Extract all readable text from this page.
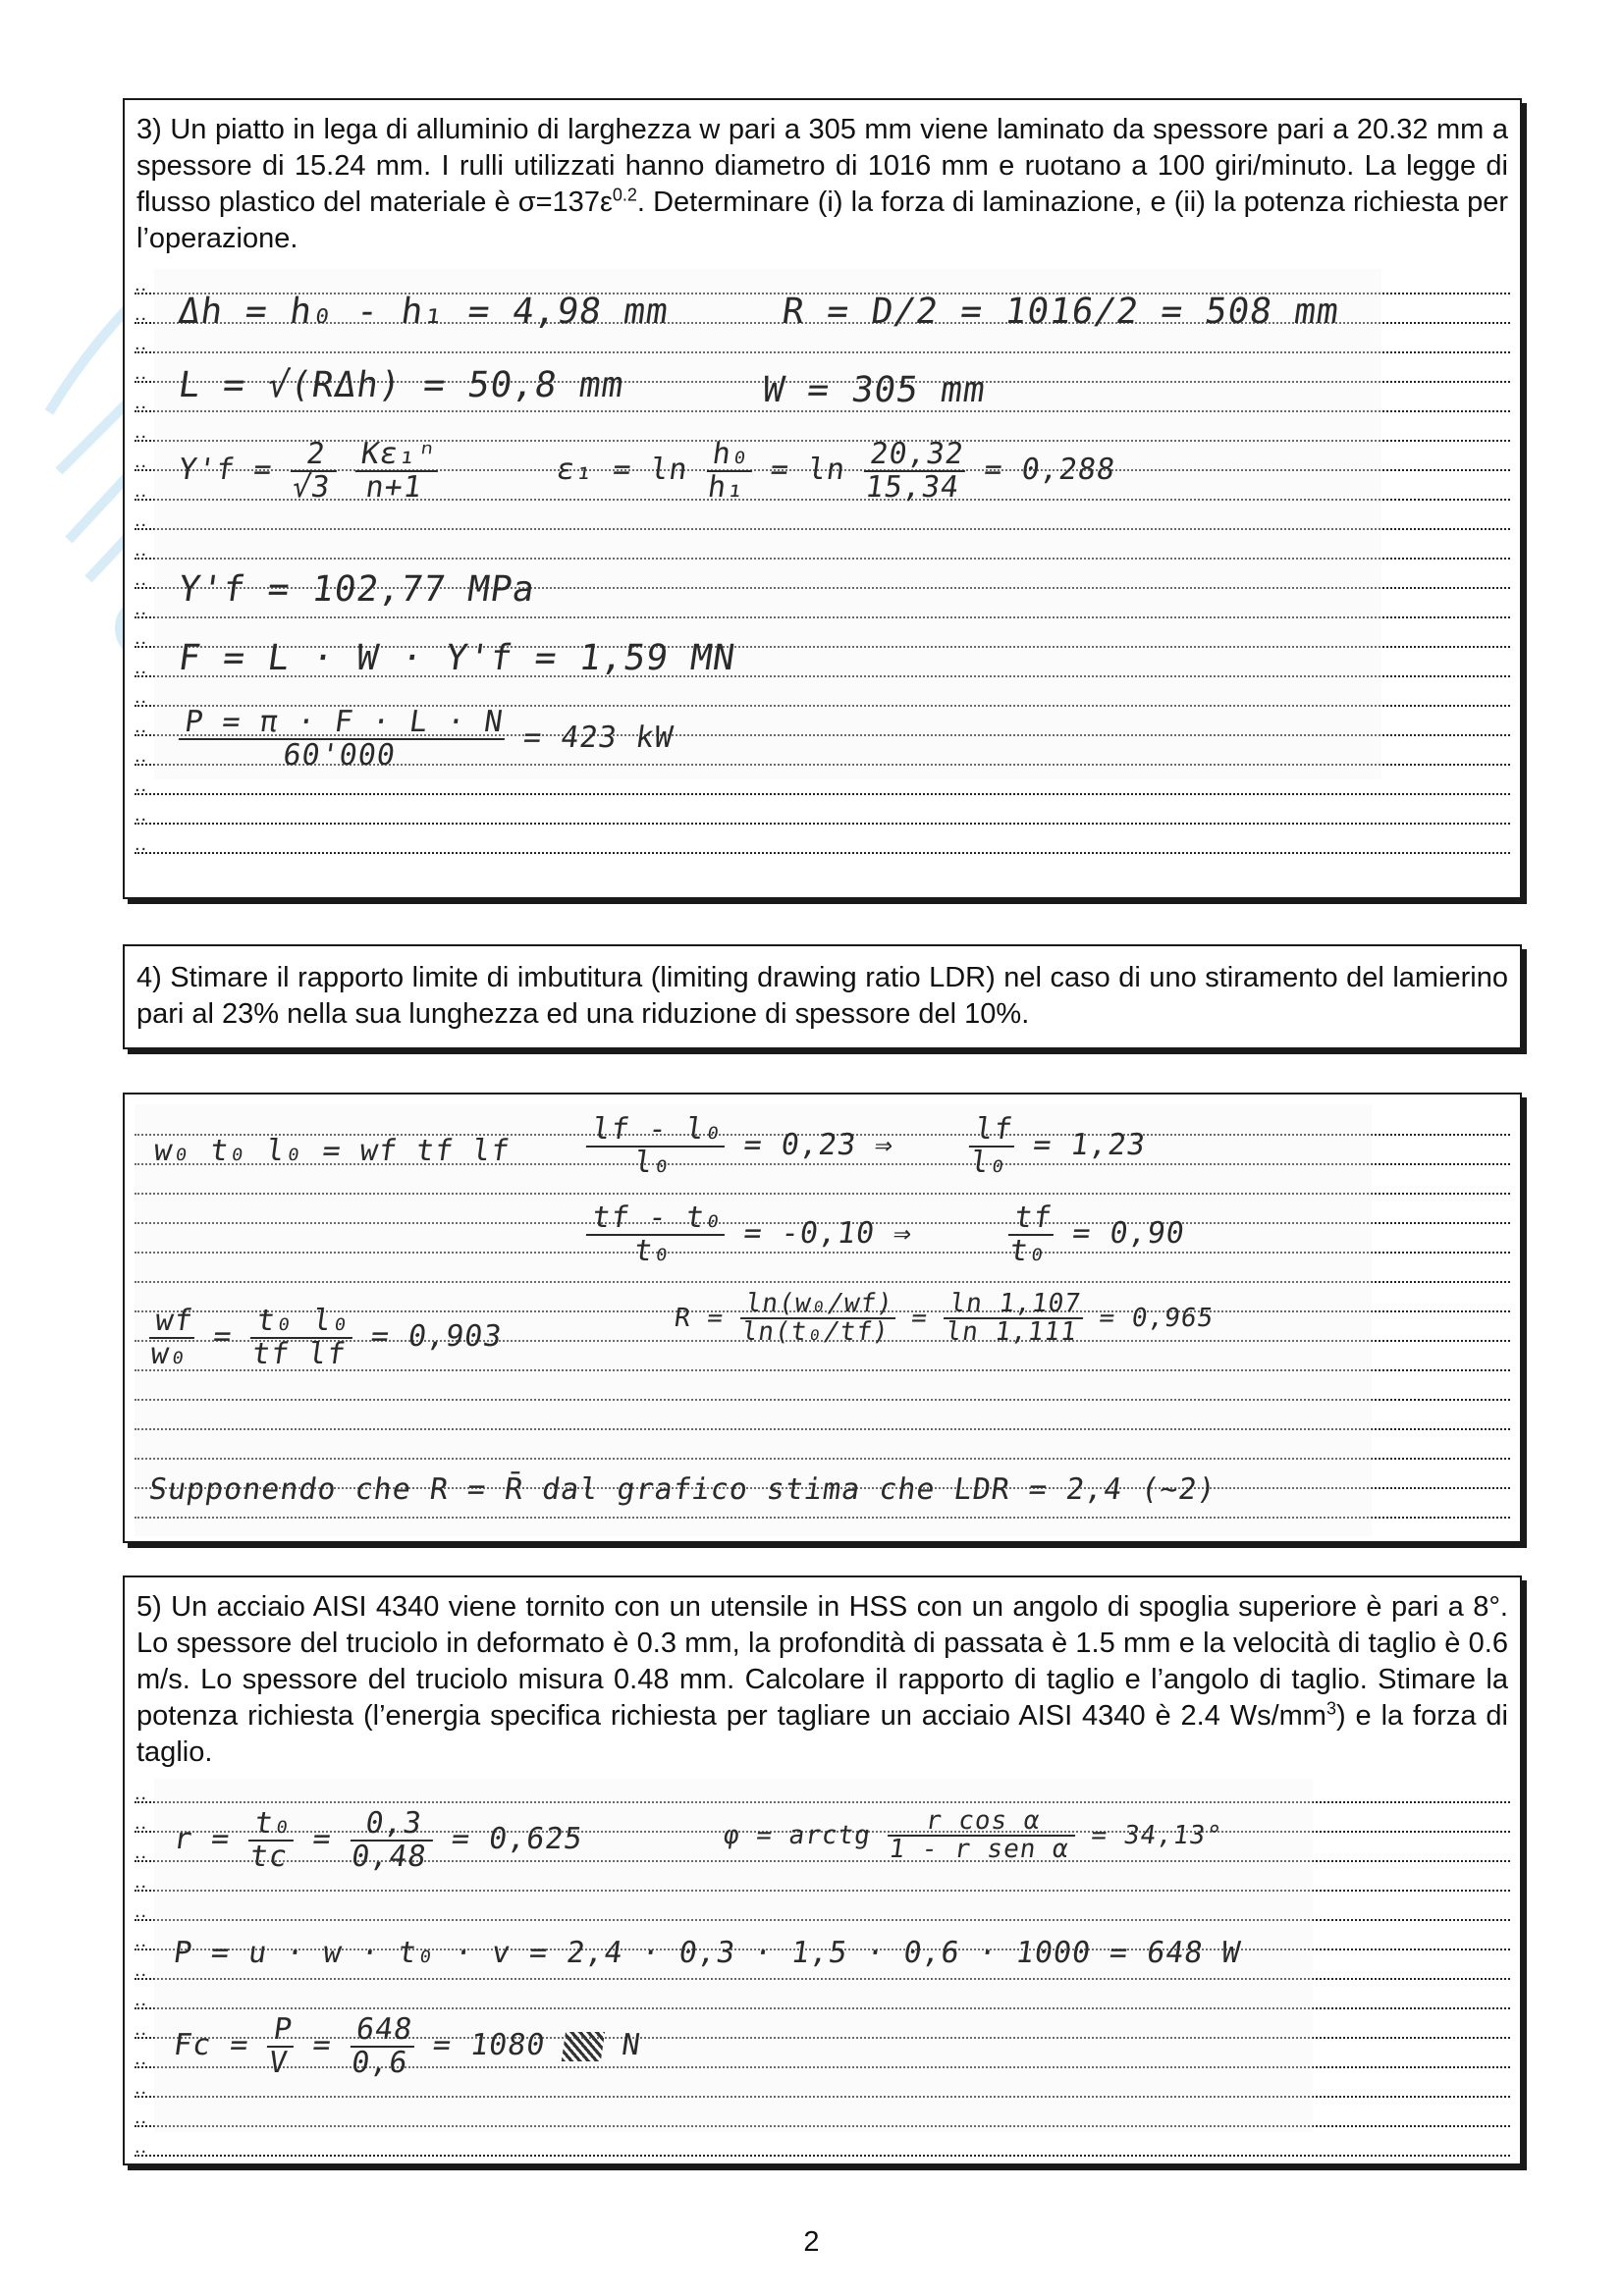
3) Un piatto in lega di alluminio di larghezza w pari a 305 mm viene laminato da spessore pari a 20.32 mm a spessore di 15.24 mm. I rulli utilizzati hanno diametro di 1016 mm e ruotano a 100 giri/minuto. La legge di flusso plastico del materiale è $\sigma=137\varepsilon^{0.2}$. Determinare (i) la forza di laminazione, e (ii) la potenza richiesta per l’operazione.
..
..
..
..
..
..
..
..
..
..
..
..
..
..
..
..
..
..
..
..
Δh = h₀ - h₁ = 4,98 mm	R = D/2 = 1016/2 = 508 mm
L = √(RΔh) = 50,8 mm	W = 305 mm
$Y'f = \frac{2}{√3}$
$\frac{\text{Kε₁ⁿ}}{n+1}$	$\varepsilon_1 = \ln \frac{\text{h₀}}{\text{h₁}} = \ln \frac{20,32}{15,34} = 0,288$
Y'f = 102,77 MPa
F = L · W · Y'f = 1,59 MN
$\frac{P = \pi \cdot F \cdot L \cdot N}{60'000} = 423$ kW
4) Stimare il rapporto limite di imbutitura (limiting drawing ratio LDR) nel caso di uno stiramento del lamierino pari al 23% nella sua lunghezza ed una riduzione di spessore del 10%.
w₀ t₀ l₀ = wf tf lf $\frac{\text{lf - l₀}}{\text{l₀}} = 0,23$ ⇒ $\frac{lf}{\text{l₀}} = 1,23$
$\frac{\text{tf - t₀}}{\text{t₀}} = -0,10$ ⇒	$\frac{tf}{\text{t₀}} = 0,90$
$\frac{wf}{\text{w₀}} = \frac{\text{t₀ l₀}}{\text{tf lf}} = 0,903$
$R = \frac{\text{ln(w₀/wf)}}{\text{ln(t₀/tf)}} = \frac{\ln 1,107}{\ln 1,111} = 0,965$
Supponendo che R = R̄ dal grafico stima che LDR = 2,4 (~2)
5) Un acciaio AISI 4340 viene tornito con un utensile in HSS con un angolo di spoglia superiore è pari a 8°. Lo spessore del truciolo in deformato è 0.3 mm, la profondità di passata è 1.5 mm e la velocità di taglio è 0.6 m/s. Lo spessore del truciolo misura 0.48 mm. Calcolare il rapporto di taglio e l’angolo di taglio. Stimare la potenza richiesta (l’energia specifica richiesta per tagliare un acciaio AISI 4340 è 2.4 $Ws/mm^3$) e la forza di taglio.
..
..
..
..
..
..
..
..
..
..
..
..
..
$r = \frac{\text{t₀}}{tc} = \frac{0,3}{0,48} = 0,625$	φ = arctg $\frac{\text{r cos α}}{\text{1 - r sen α}} = 34,13^\circ$
P = u · w · t₀ · v = 2,4 · 0,3 · 1,5 · 0,6 · 1000 = 648 W
$Fc = \frac{P}{V} = \frac{648}{0,6} = 1080$ N
2
